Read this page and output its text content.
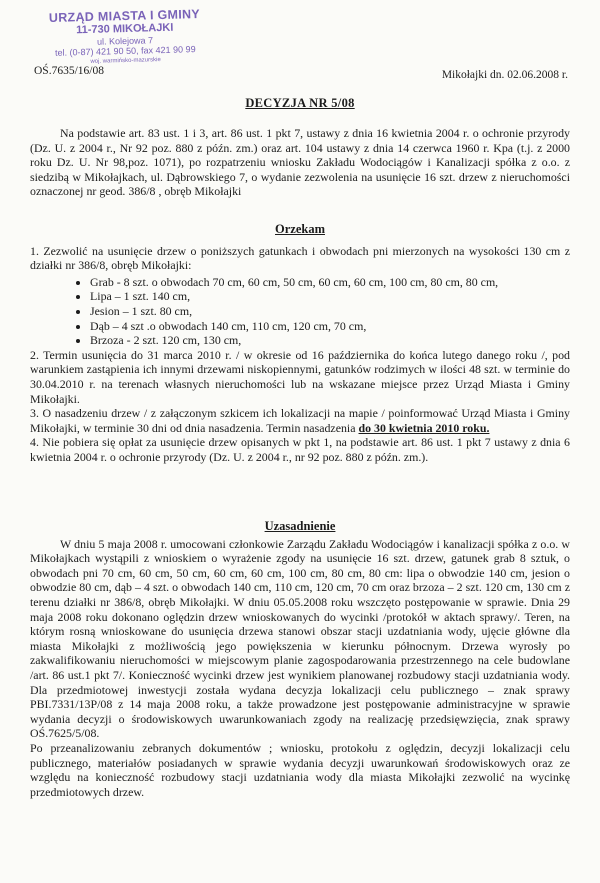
URZĄD MIASTA I GMINY
11-730 MIKOŁAJKI
ul. Kolejowa 7
tel. (0-87) 421 90 50, fax 421 90 99
woj. warmińsko-mazurskie
OŚ.7635/16/08	Mikołajki dn. 02.06.2008 r.
DECYZJA NR 5/08

Na podstawie art. 83 ust. 1 i 3, art. 86 ust. 1 pkt 7, ustawy z dnia 16 kwietnia 2004 r. o ochronie przyrody (Dz. U. z 2004 r., Nr 92 poz. 880 z późn. zm.) oraz art. 104 ustawy z dnia 14 czerwca 1960 r. Kpa (t.j. z 2000 roku Dz. U. Nr 98,poz. 1071), po rozpatrzeniu wniosku Zakładu Wodociągów i Kanalizacji spółka z o.o. z siedzibą w Mikołajkach, ul. Dąbrowskiego 7, o wydanie zezwolenia na usunięcie 16 szt. drzew z nieruchomości oznaczonej nr geod. 386/8 , obręb Mikołajki

Orzekam

1. Zezwolić na usunięcie drzew o poniższych gatunkach i obwodach pni mierzonych na wysokości 130 cm z działki nr 386/8, obręb Mikołajki:

• Grab - 8 szt. o obwodach 70 cm, 60 cm, 50 cm, 60 cm, 60 cm, 100 cm, 80 cm, 80 cm,
• Lipa – 1 szt. 140 cm,
• Jesion – 1 szt. 80 cm,
• Dąb – 4 szt .o obwodach 140 cm, 110 cm, 120 cm, 70 cm,
• Brzoza - 2 szt. 120 cm, 130 cm,

2. Termin usunięcia do 31 marca 2010 r. / w okresie od 16 października do końca lutego danego roku /, pod warunkiem zastąpienia ich innymi drzewami niskopiennymi, gatunków rodzimych w ilości 48 szt. w terminie do 30.04.2010 r. na terenach własnych nieruchomości lub na wskazane miejsce przez Urząd Miasta i Gminy Mikołajki.

3. O nasadzeniu drzew / z załączonym szkicem ich lokalizacji na mapie / poinformować Urząd Miasta i Gminy Mikołajki, w terminie 30 dni od dnia nasadzenia. Termin nasadzenia do 30 kwietnia 2010 roku.

4. Nie pobiera się opłat za usunięcie drzew opisanych w pkt 1, na podstawie art. 86 ust. 1 pkt 7 ustawy z dnia 6 kwietnia 2004 r. o ochronie przyrody (Dz. U. z 2004 r., nr 92 poz. 880 z późn. zm.).

Uzasadnienie

W dniu 5 maja 2008 r. umocowani członkowie Zarządu Zakładu Wodociągów i kanalizacji spółka z o.o. w Mikołajkach wystąpili z wnioskiem o wyrażenie zgody na usunięcie 16 szt. drzew, gatunek grab 8 sztuk, o obwodach pni 70 cm, 60 cm, 50 cm, 60 cm, 60 cm, 100 cm, 80 cm, 80 cm: lipa o obwodzie 140 cm, jesion o obwodzie 80 cm, dąb – 4 szt. o obwodach 140 cm, 110 cm, 120 cm, 70 cm oraz brzoza – 2 szt. 120 cm, 130 cm z terenu działki nr 386/8, obręb Mikołajki. W dniu 05.05.2008 roku wszczęto postępowanie w sprawie. Dnia 29 maja 2008 roku dokonano oględzin drzew wnioskowanych do wycinki /protokół w aktach sprawy/. Teren, na którym rosną wnioskowane do usunięcia drzewa stanowi obszar stacji uzdatniania wody, ujęcie główne dla miasta Mikołajki z możliwością jego powiększenia w kierunku północnym. Drzewa wyrosły po zakwalifikowaniu nieruchomości w miejscowym planie zagospodarowania przestrzennego na cele budowlane /art. 86 ust.1 pkt 7/. Konieczność wycinki drzew jest wynikiem planowanej rozbudowy stacji uzdatniania wody. Dla przedmiotowej inwestycji została wydana decyzja lokalizacji celu publicznego – znak sprawy PBI.7331/13P/08 z 14 maja 2008 roku, a także prowadzone jest postępowanie administracyjne w sprawie wydania decyzji o środowiskowych uwarunkowaniach zgody na realizację przedsięwzięcia, znak sprawy OŚ.7625/5/08.

Po przeanalizowaniu zebranych dokumentów ; wniosku, protokołu z oględzin, decyzji lokalizacji celu publicznego, materiałów posiadanych w sprawie wydania decyzji uwarunkowań środowiskowych oraz ze względu na konieczność rozbudowy stacji uzdatniania wody dla miasta Mikołajki zezwolić na wycinkę przedmiotowych drzew.
